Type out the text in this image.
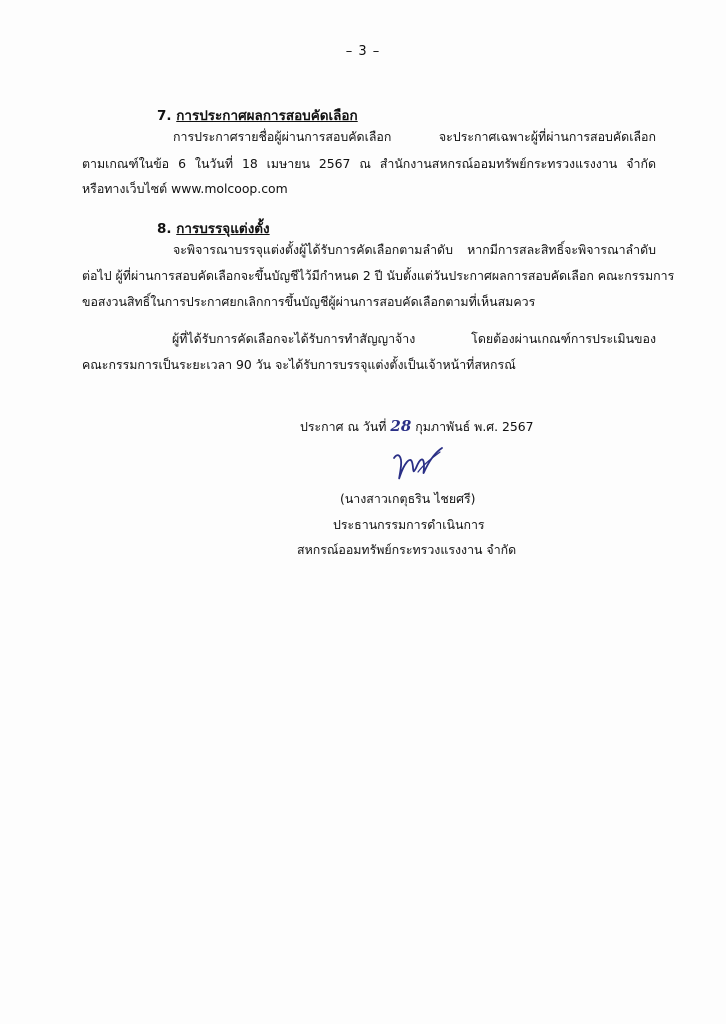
– 3 –
7. การประกาศผลการสอบคัดเลือก
การประกาศรายชื่อผู้ผ่านการสอบคัดเลือก จะประกาศเฉพาะผู้ที่ผ่านการสอบคัดเลือก
ตามเกณฑ์ในข้อ 6 ในวันที่ 18 เมษายน 2567 ณ สำนักงานสหกรณ์ออมทรัพย์กระทรวงแรงงาน จำกัด
หรือทางเว็บไซต์ www.molcoop.com
8. การบรรจุแต่งตั้ง
จะพิจารณาบรรจุแต่งตั้งผู้ได้รับการคัดเลือกตามลำดับ หากมีการสละสิทธิ์จะพิจารณาลำดับ
ต่อไป ผู้ที่ผ่านการสอบคัดเลือกจะขึ้นบัญชีไว้มีกำหนด 2 ปี นับตั้งแต่วันประกาศผลการสอบคัดเลือก คณะกรรมการ
ขอสงวนสิทธิ์ในการประกาศยกเลิกการขึ้นบัญชีผู้ผ่านการสอบคัดเลือกตามที่เห็นสมควร
ผู้ที่ได้รับการคัดเลือกจะได้รับการทำสัญญาจ้าง โดยต้องผ่านเกณฑ์การประเมินของ
คณะกรรมการเป็นระยะเวลา 90 วัน จะได้รับการบรรจุแต่งตั้งเป็นเจ้าหน้าที่สหกรณ์
ประกาศ ณ วันที่ 28 กุมภาพันธ์ พ.ศ. 2567
(นางสาวเกตุธริน ไชยศรี)
ประธานกรรมการดำเนินการ
สหกรณ์ออมทรัพย์กระทรวงแรงงาน จำกัด
